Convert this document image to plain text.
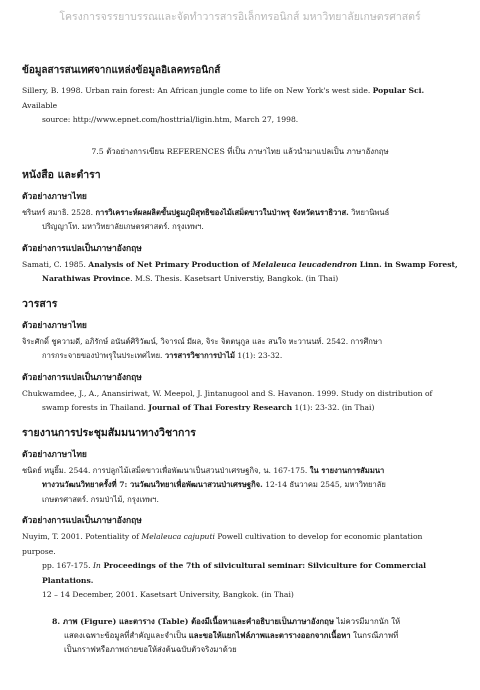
โครงการจรรยาบรรณและจัดทำวารสารอิเล็กทรอนิกส์ มหาวิทยาลัยเกษตรศาสตร์
ข้อมูลสารสนเทศจากแหล่งข้อมูลอิเลคทรอนิกส์
Sillery, B. 1998. Urban rain forest: An African jungle come to life on New York's west side. Popular Sci. Available
source: http://www.epnet.com/hosttrial/ligin.htm, March 27, 1998.
7.5 ตัวอย่างการเขียน REFERENCES ที่เป็น ภาษาไทย แล้วนำมาแปลเป็น ภาษาอังกฤษ
หนังสือ และตำรา
ตัวอย่างภาษาไทย
ชรินทร์ สมาธิ. 2528. การวิเคราะห์ผลผลิตขั้นปฐมภูมิสุทธิของไม้เสม็ดขาวในป่าพรุ จังหวัดนราธิวาส. วิทยานิพนธ์
ปริญญาโท. มหาวิทยาลัยเกษตรศาสตร์. กรุงเทพฯ.
ตัวอย่างการแปลเป็นภาษาอังกฤษ
Samati, C. 1985. Analysis of Net Primary Production of Melaleuca leucadendron Linn. in Swamp Forest,
Narathiwas Province. M.S. Thesis. Kasetsart Universtiy, Bangkok. (in Thai)
วารสาร
ตัวอย่างภาษาไทย
จิระศักดิ์ ชูความดี, อภิรักษ์ อนันต์ศิริวัฒน์, วิจารณ์ มีผล, จิระ จิตตนุกูล และ สนใจ หะวานนท์. 2542. การศึกษา
การกระจายของป่าพรุในประเทศไทย. วารสารวิชาการป่าไม้ 1(1): 23-32.
ตัวอย่างการแปลเป็นภาษาอังกฤษ
Chukwamdee, J., A., Anansiriwat, W. Meepol, J. Jintanugool and S. Havanon. 1999. Study on distribution of
swamp forests in Thailand. Journal of Thai Forestry Research 1(1): 23-32. (in Thai)
รายงานการประชุมสัมมนาทางวิชาการ
ตัวอย่างภาษาไทย
ชนิดย์ หนูยิ้ม. 2544. การปลูกไม้เสม็ดขาวเพื่อพัฒนาเป็นสวนป่าเศรษฐกิจ, น. 167-175. ใน รายงานการสัมมนา
ทางวนวัฒนวิทยาครั้งที่ 7: วนวัฒนวิทยาเพื่อพัฒนาสวนป่าเศรษฐกิจ. 12-14 ธันวาคม 2545, มหาวิทยาลัย
เกษตรศาสตร์. กรมป่าไม้, กรุงเทพฯ.
ตัวอย่างการแปลเป็นภาษาอังกฤษ
Nuyim, T. 2001. Potentiality of Melaleuca cajuputi Powell cultivation to develop for economic plantation purpose.
pp. 167-175. In Proceedings of the 7th of silvicultural seminar: Silviculture for Commercial Plantations.
12 – 14 December, 2001. Kasetsart University, Bangkok. (in Thai)
8. ภาพ (Figure) และตาราง (Table) ต้องมีเนื้อหาและคำอธิบายเป็นภาษาอังกฤษ ไม่ควรมีมากนัก ให้
แสดงเฉพาะข้อมูลที่สำคัญและจำเป็น และขอให้แยกไฟล์ภาพและตารางออกจากเนื้อหา ในกรณีภาพที่
เป็นกราฟหรือภาพถ่ายขอให้ส่งต้นฉบับตัวจริงมาด้วย
